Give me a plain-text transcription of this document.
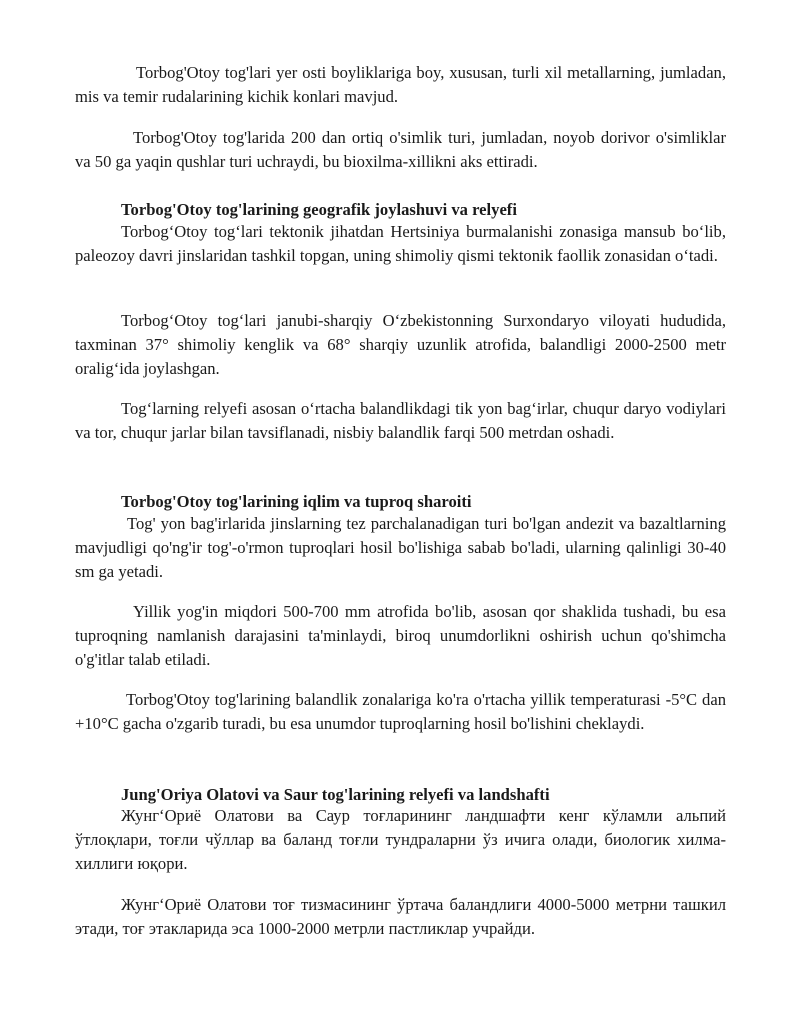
Torbog'Otoy tog'lari yer osti boyliklariga boy, xususan, turli xil metallarning, jumladan, mis va temir rudalarining kichik konlari mavjud.

Torbog'Otoy tog'larida 200 dan ortiq o'simlik turi, jumladan, noyob dorivor o'simliklar va 50 ga yaqin qushlar turi uchraydi, bu bioxilma-xillikni aks ettiradi.

Torbog'Otoy tog'larining geografik joylashuvi va relyefi

Torbog‘Otoy tog‘lari tektonik jihatdan Hertsiniya burmalanishi zonasiga mansub bo‘lib, paleozoy davri jinslaridan tashkil topgan, uning shimoliy qismi tektonik faollik zonasidan o‘tadi.

Torbog‘Otoy tog‘lari janubi-sharqiy O‘zbekistonning Surxondaryo viloyati hududida, taxminan 37° shimoliy kenglik va 68° sharqiy uzunlik atrofida, balandligi 2000-2500 metr oralig‘ida joylashgan.

Tog‘larning relyefi asosan o‘rtacha balandlikdagi tik yon bag‘irlar, chuqur daryo vodiylari va tor, chuqur jarlar bilan tavsiflanadi, nisbiy balandlik farqi 500 metrdan oshadi.

Torbog'Otoy tog'larining iqlim va tuproq sharoiti

Tog' yon bag'irlarida jinslarning tez parchalanadigan turi bo'lgan andezit va bazaltlarning mavjudligi qo'ng'ir tog'-o'rmon tuproqlari hosil bo'lishiga sabab bo'ladi, ularning qalinligi 30-40 sm ga yetadi.

Yillik yog'in miqdori 500-700 mm atrofida bo'lib, asosan qor shaklida tushadi, bu esa tuproqning namlanish darajasini ta'minlaydi, biroq unumdorlikni oshirish uchun qo'shimcha o'g'itlar talab etiladi.

Torbog'Otoy tog'larining balandlik zonalariga ko'ra o'rtacha yillik temperaturasi -5°C dan +10°C gacha o'zgarib turadi, bu esa unumdor tuproqlarning hosil bo'lishini cheklaydi.

Jung'Oriya Olatovi va Saur tog'larining relyefi va landshafti

Жунг‘Ориё Олатови ва Саур тоғларининг ландшафти кенг кўламли альпий ўтлоқлари, тоғли чўллар ва баланд тоғли тундраларни ўз ичига олади, биологик хилма-хиллиги юқори.

Жунг‘Ориё Олатови тоғ тизмасининг ўртача баландлиги 4000-5000 метрни ташкил этади, тоғ этакларида эса 1000-2000 метрли пастликлар учрайди.
